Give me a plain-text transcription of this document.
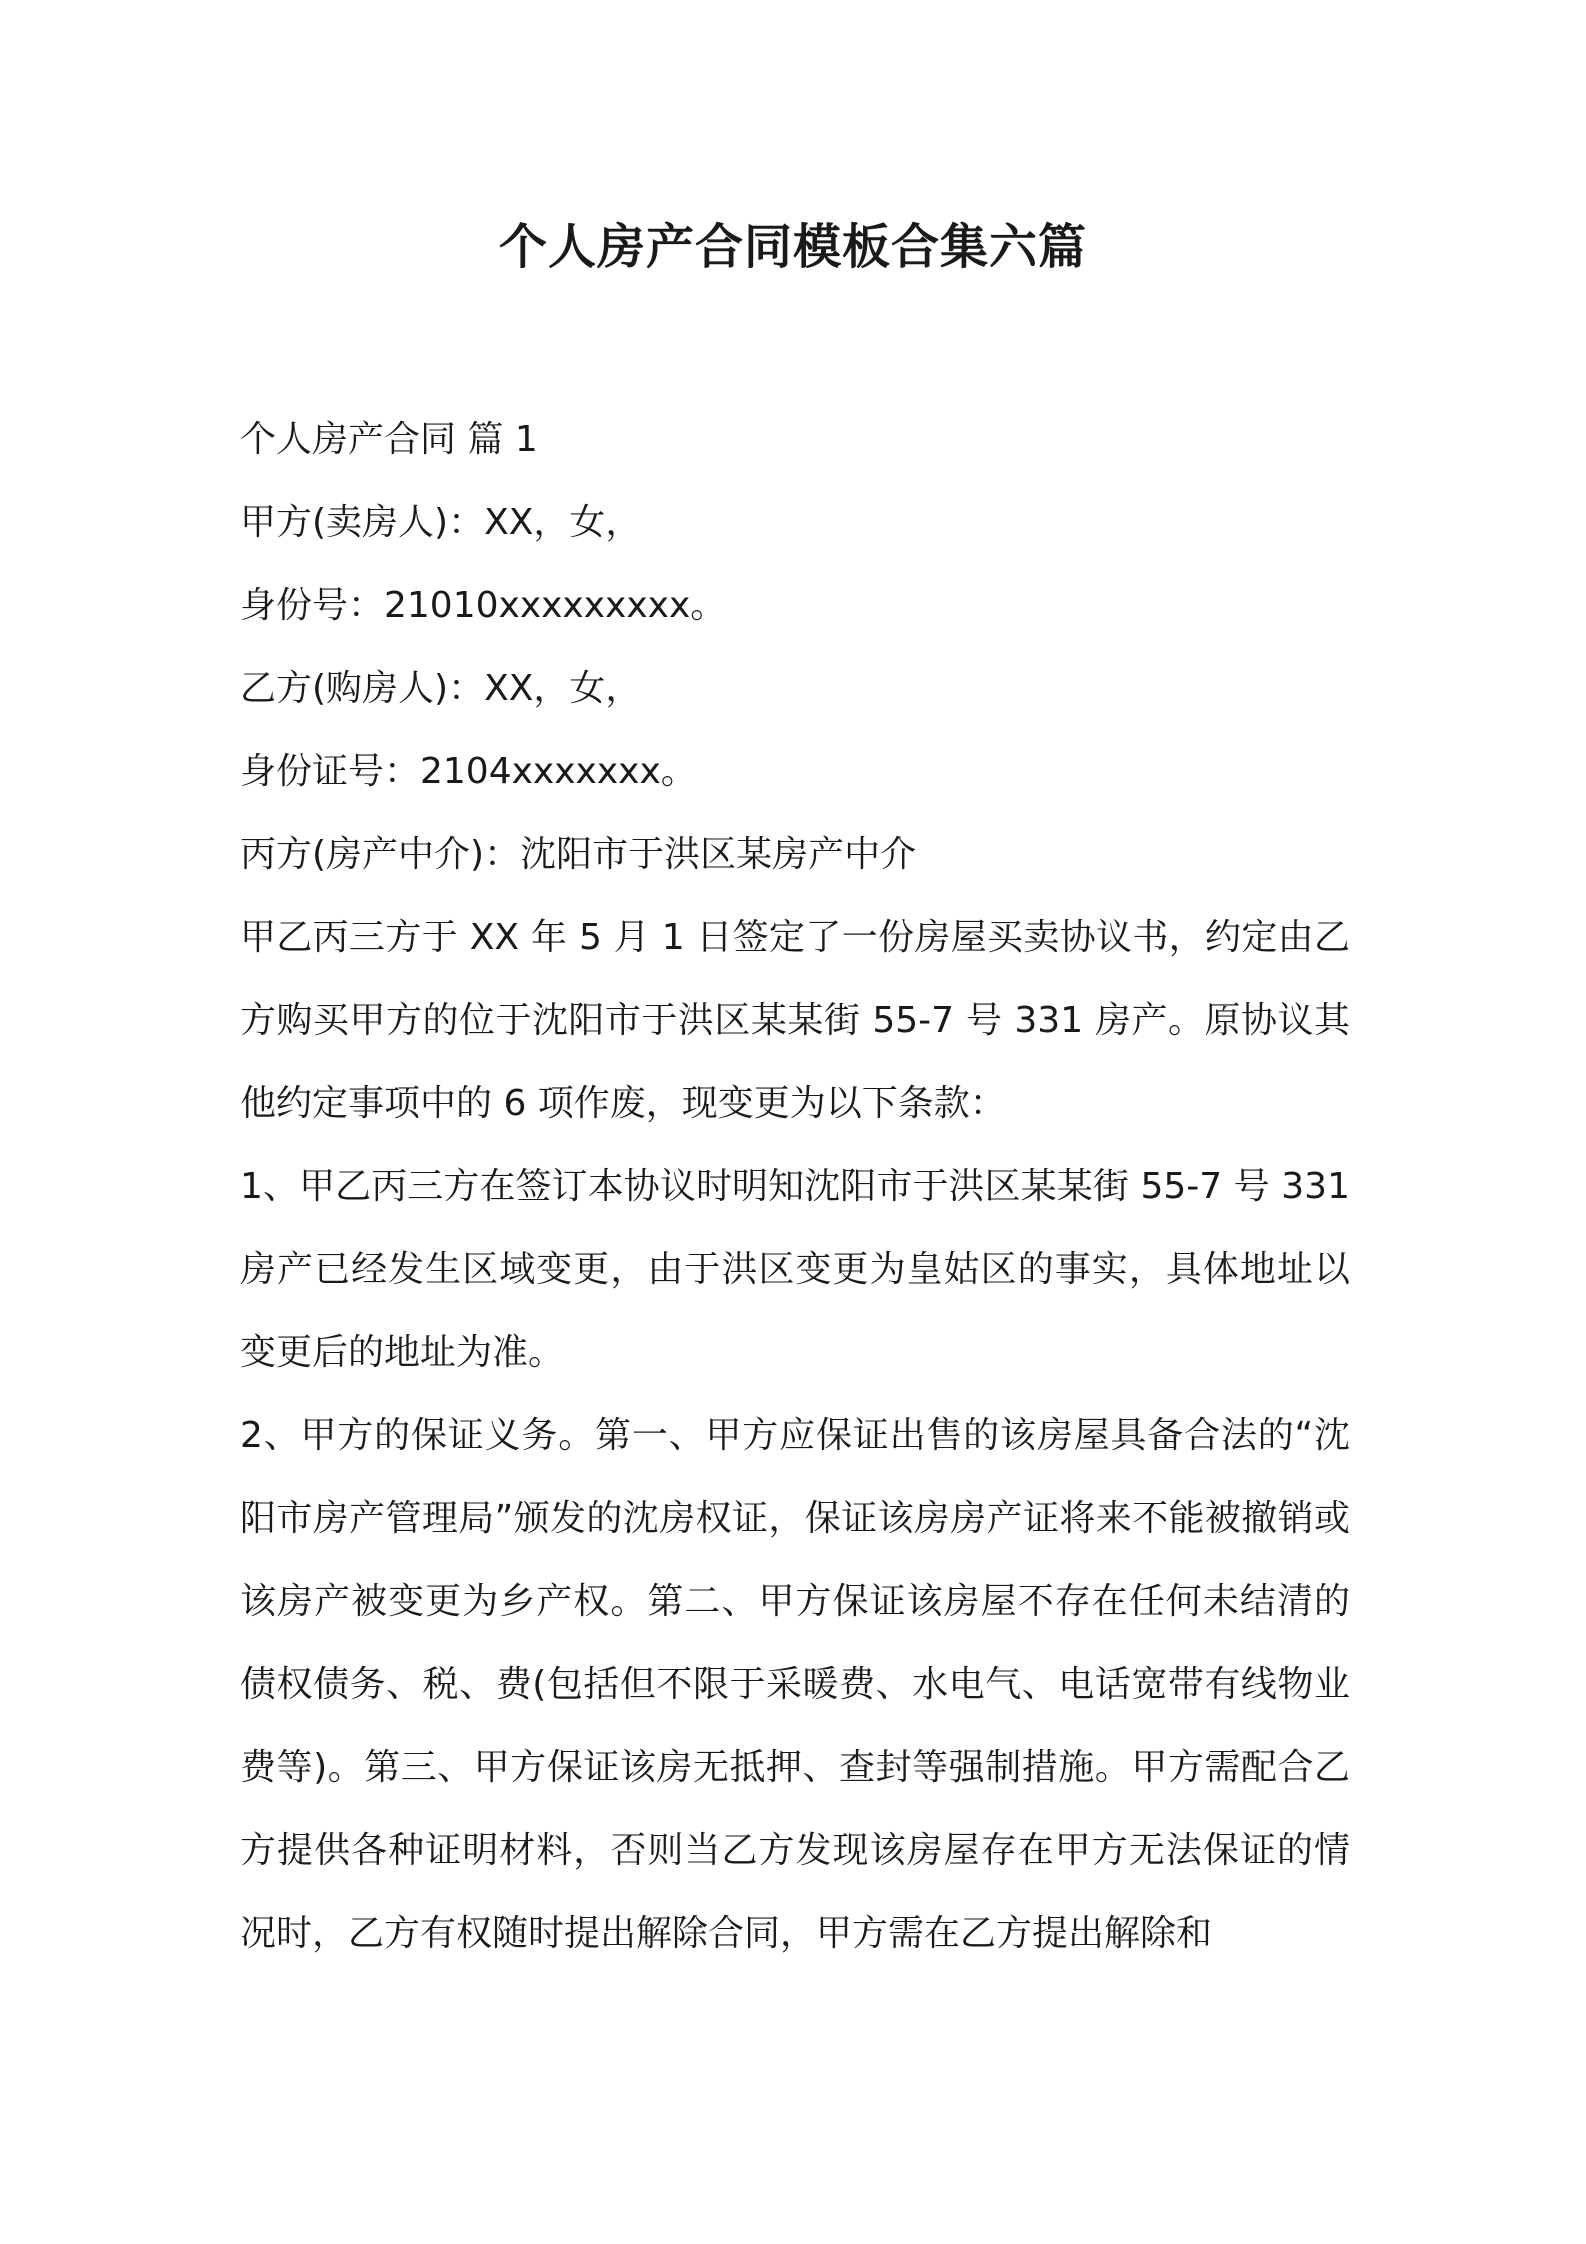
个人房产合同模板合集六篇

个人房产合同 篇 1

甲方(卖房人)：XX，女，

身份号：21010xxxxxxxxx。

乙方(购房人)：XX，女，

身份证号：2104xxxxxxx。

丙方(房产中介)：沈阳市于洪区某房产中介

甲乙丙三方于 XX 年 5 月 1 日签定了一份房屋买卖协议书，约定由乙方购买甲方的位于沈阳市于洪区某某街 55-7 号 331 房产。原协议其他约定事项中的 6 项作废，现变更为以下条款：

1、甲乙丙三方在签订本协议时明知沈阳市于洪区某某街 55-7 号 331 房产已经发生区域变更，由于洪区变更为皇姑区的事实，具体地址以变更后的地址为准。

2、甲方的保证义务。第一、甲方应保证出售的该房屋具备合法的“沈阳市房产管理局”颁发的沈房权证，保证该房房产证将来不能被撤销或该房产被变更为乡产权。第二、甲方保证该房屋不存在任何未结清的债权债务、税、费(包括但不限于采暖费、水电气、电话宽带有线物业费等)。第三、甲方保证该房无抵押、查封等强制措施。甲方需配合乙方提供各种证明材料，否则当乙方发现该房屋存在甲方无法保证的情况时，乙方有权随时提出解除合同，甲方需在乙方提出解除和
